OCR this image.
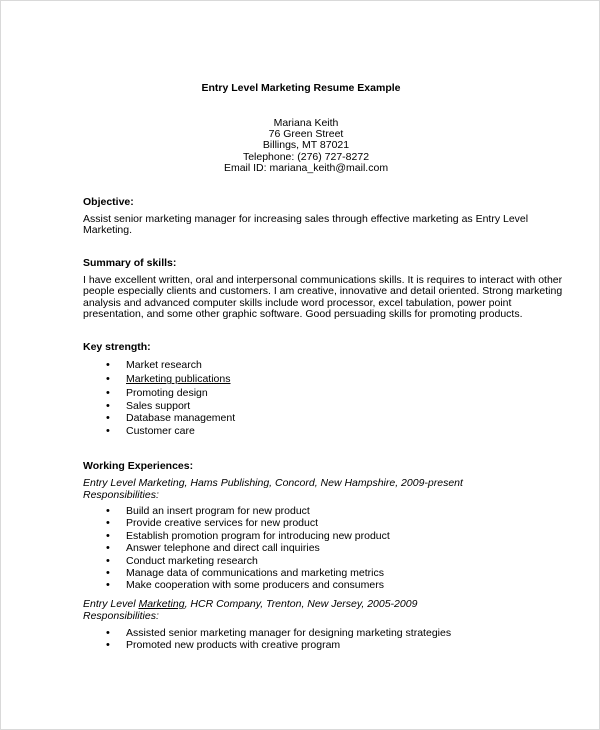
Entry Level Marketing Resume Example
Mariana Keith
76 Green Street
Billings, MT 87021
Telephone: (276) 727-8272
Email ID: mariana_keith@mail.com
Objective:
Assist senior marketing manager for increasing sales through effective marketing as Entry Level
Marketing.
Summary of skills:
I have excellent written, oral and interpersonal communications skills. It is requires to interact with other
people especially clients and customers. I am creative, innovative and detail oriented. Strong marketing
analysis and advanced computer skills include word processor, excel tabulation, power point
presentation, and some other graphic software. Good persuading skills for promoting products.
Key strength:
• Market research
• Marketing publications
• Promoting design
• Sales support
• Database management
• Customer care
Working Experiences:
Entry Level Marketing, Hams Publishing, Concord, New Hampshire, 2009-present
Responsibilities:
• Build an insert program for new product
• Provide creative services for new product
• Establish promotion program for introducing new product
• Answer telephone and direct call inquiries
• Conduct marketing research
• Manage data of communications and marketing metrics
• Make cooperation with some producers and consumers
Entry Level Marketing, HCR Company, Trenton, New Jersey, 2005-2009
Responsibilities:
• Assisted senior marketing manager for designing marketing strategies
• Promoted new products with creative program
